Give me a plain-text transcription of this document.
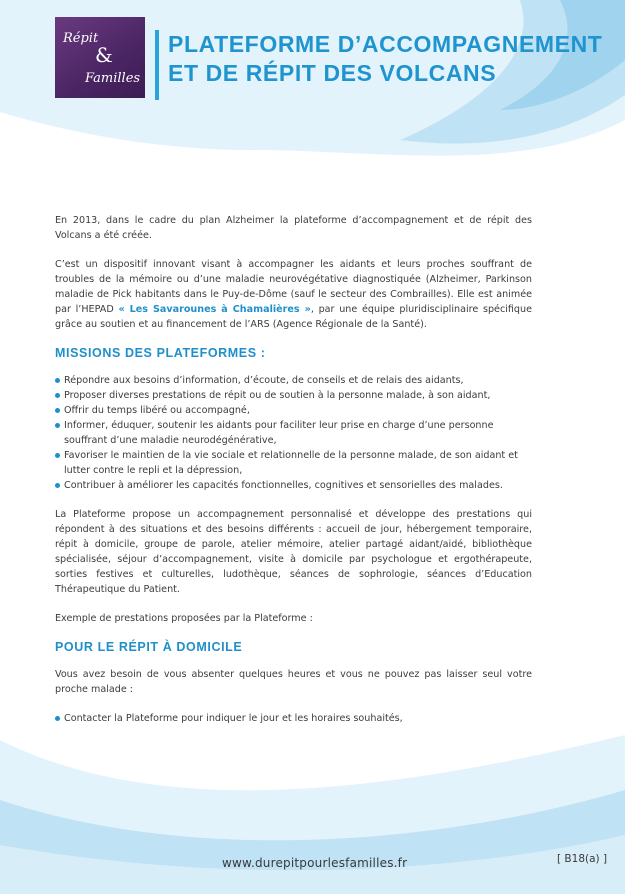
Répit
&
Familles
PLATEFORME D’ACCOMPAGNEMENT
ET DE RÉPIT DES VOLCANS

En 2013, dans le cadre du plan Alzheimer la plateforme d’accompagnement et de répit des Volcans a été créée.

C’est un dispositif innovant visant à accompagner les aidants et leurs proches souffrant de troubles de la mémoire ou d’une maladie neurovégétative diagnostiquée (Alzheimer, Parkinson maladie de Pick habitants dans le Puy-de-Dôme (sauf le secteur des Combrailles). Elle est animée par l’HEPAD « Les Savarounes à Chamalières », par une équipe pluridisciplinaire spécifique grâce au soutien et au financement de l’ARS (Agence Régionale de la Santé).

MISSIONS DES PLATEFORMES :
Répondre aux besoins d’information, d’écoute, de conseils et de relais des aidants,
Proposer diverses prestations de répit ou de soutien à la personne malade, à son aidant,
Offrir du temps libéré ou accompagné,
Informer, éduquer, soutenir les aidants pour faciliter leur prise en charge d’une personne souffrant d’une maladie neurodégénérative,
Favoriser le maintien de la vie sociale et relationnelle de la personne malade, de son aidant et lutter contre le repli et la dépression,
Contribuer à améliorer les capacités fonctionnelles, cognitives et sensorielles des malades.

La Plateforme propose un accompagnement personnalisé et développe des prestations qui répondent à des situations et des besoins différents : accueil de jour, hébergement temporaire, répit à domicile, groupe de parole, atelier mémoire, atelier partagé aidant/aidé, bibliothèque spécialisée, séjour d’accompagnement, visite à domicile par psychologue et ergothérapeute, sorties festives et culturelles, ludothèque, séances de sophrologie, séances d’Education Thérapeutique du Patient.

Exemple de prestations proposées par la Plateforme :

POUR LE RÉPIT À DOMICILE

Vous avez besoin de vous absenter quelques heures et vous ne pouvez pas laisser seul votre proche malade :

Contacter la Plateforme pour indiquer le jour et les horaires souhaités,
www.durepitpourlesfamilles.fr	[ B18(a) ]
